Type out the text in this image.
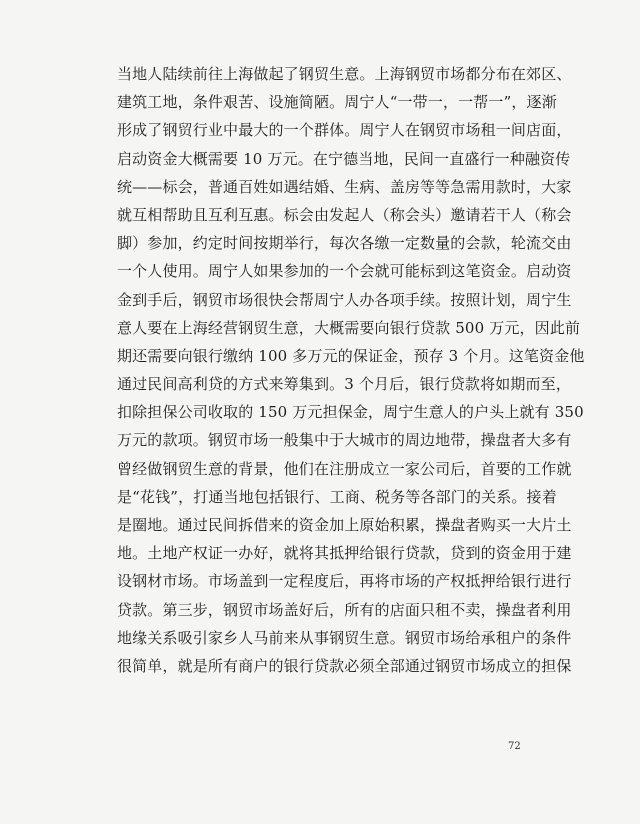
当地人陆续前往上海做起了钢贸生意。上海钢贸市场都分布在郊区、
建筑工地，条件艰苦、设施简陋。周宁人“一带一，一帮一”，逐渐
形成了钢贸行业中最大的一个群体。周宁人在钢贸市场租一间店面，
启动资金大概需要 10 万元。在宁德当地，民间一直盛行一种融资传
统——标会，普通百姓如遇结婚、生病、盖房等等急需用款时，大家
就互相帮助且互利互惠。标会由发起人（称会头）邀请若干人（称会
脚）参加，约定时间按期举行，每次各缴一定数量的会款，轮流交由
一个人使用。周宁人如果参加的一个会就可能标到这笔资金。启动资
金到手后，钢贸市场很快会帮周宁人办各项手续。按照计划，周宁生
意人要在上海经营钢贸生意，大概需要向银行贷款 500 万元，因此前
期还需要向银行缴纳 100 多万元的保证金，预存 3 个月。这笔资金他
通过民间高利贷的方式来筹集到。3 个月后，银行贷款将如期而至，
扣除担保公司收取的 150 万元担保金，周宁生意人的户头上就有 350
万元的款项。钢贸市场一般集中于大城市的周边地带，操盘者大多有
曾经做钢贸生意的背景，他们在注册成立一家公司后，首要的工作就
是“花钱”，打通当地包括银行、工商、税务等各部门的关系。接着
是圈地。通过民间拆借来的资金加上原始积累，操盘者购买一大片土
地。土地产权证一办好，就将其抵押给银行贷款，贷到的资金用于建
设钢材市场。市场盖到一定程度后，再将市场的产权抵押给银行进行
贷款。第三步，钢贸市场盖好后，所有的店面只租不卖，操盘者利用
地缘关系吸引家乡人马前来从事钢贸生意。钢贸市场给承租户的条件
很简单，就是所有商户的银行贷款必须全部通过钢贸市场成立的担保
72
